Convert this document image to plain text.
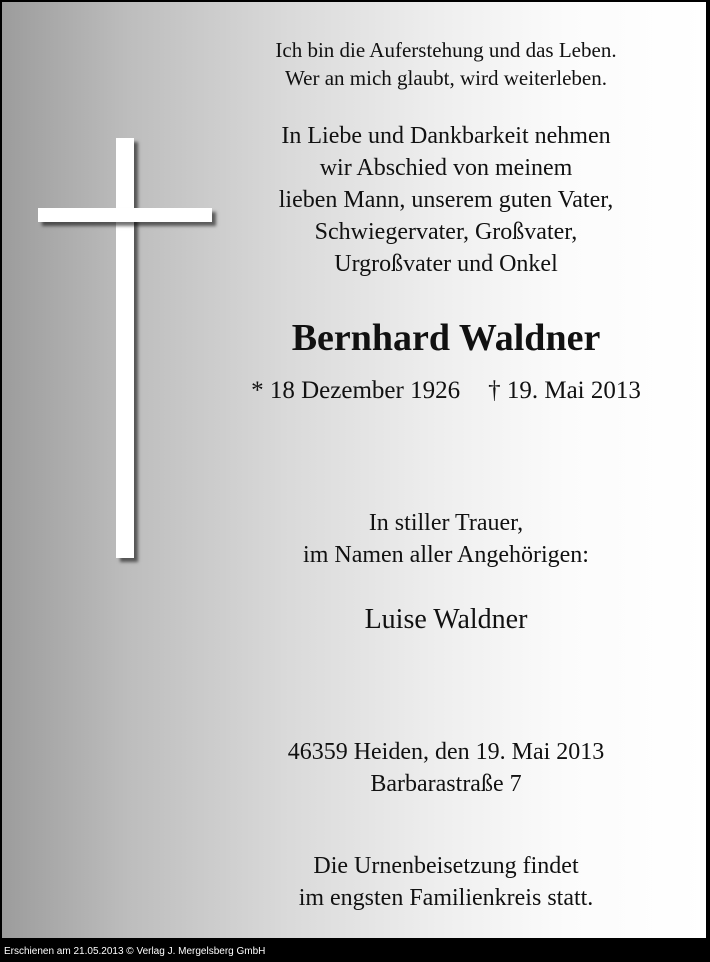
Ich bin die Auferstehung und das Leben.
Wer an mich glaubt, wird weiterleben.
In Liebe und Dankbarkeit nehmen
wir Abschied von meinem
lieben Mann, unserem guten Vater,
Schwiegervater, Großvater,
Urgroßvater und Onkel
Bernhard Waldner
* 18 Dezember 1926 † 19. Mai 2013
In stiller Trauer,
im Namen aller Angehörigen:
Luise Waldner
46359 Heiden, den 19. Mai 2013
Barbarastraße 7
Die Urnenbeisetzung findet
im engsten Familienkreis statt.
Erschienen am 21.05.2013 © Verlag J. Mergelsberg GmbH
